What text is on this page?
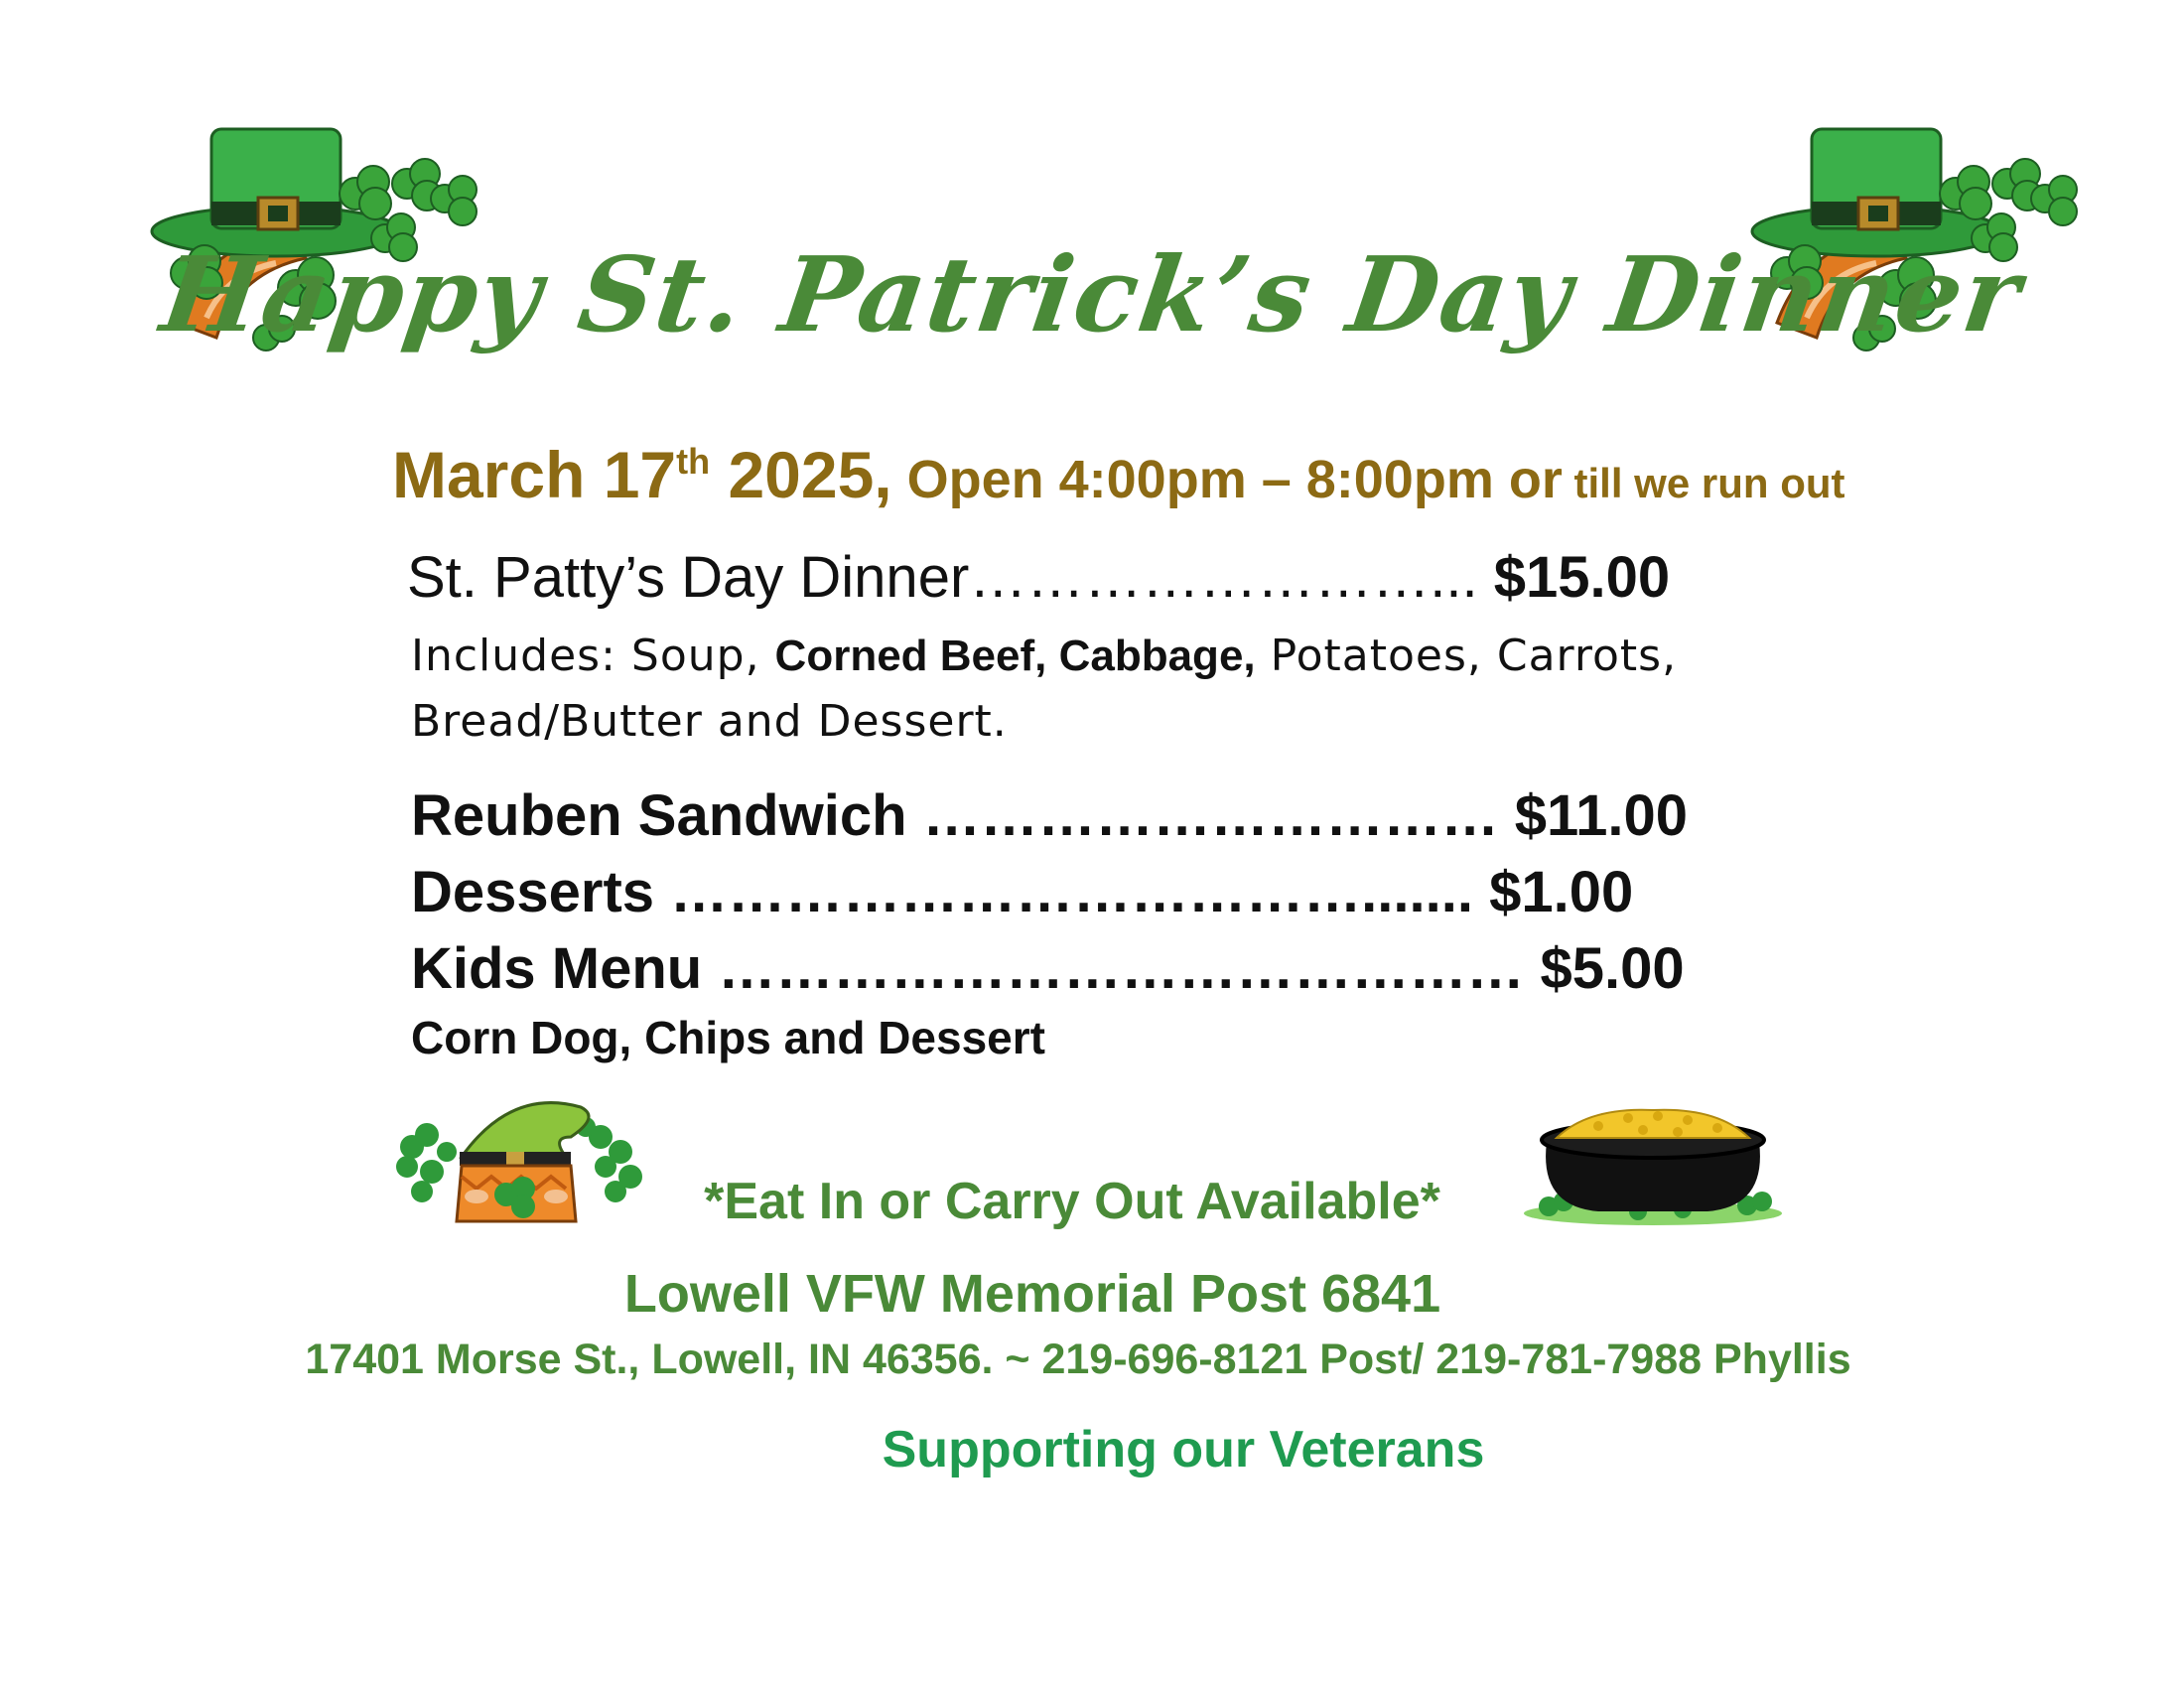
Happy St. Patrick’s Day Dinner
March 17th 2025, Open 4:00pm – 8:00pm or till we run out
St. Patty’s Day Dinner……………………... $15.00
Includes: Soup, Corned Beef, Cabbage, Potatoes, Carrots, Bread/Butter and Dessert.
Reuben Sandwich ………………………… $11.00
Desserts ………………………………....... $1.00
Kids Menu …………………………………… $5.00
Corn Dog, Chips and Dessert
*Eat In or Carry Out Available*
Lowell VFW Memorial Post 6841
17401 Morse St., Lowell, IN 46356. ~ 219-696-8121 Post/ 219-781-7988 Phyllis
Supporting our Veterans
